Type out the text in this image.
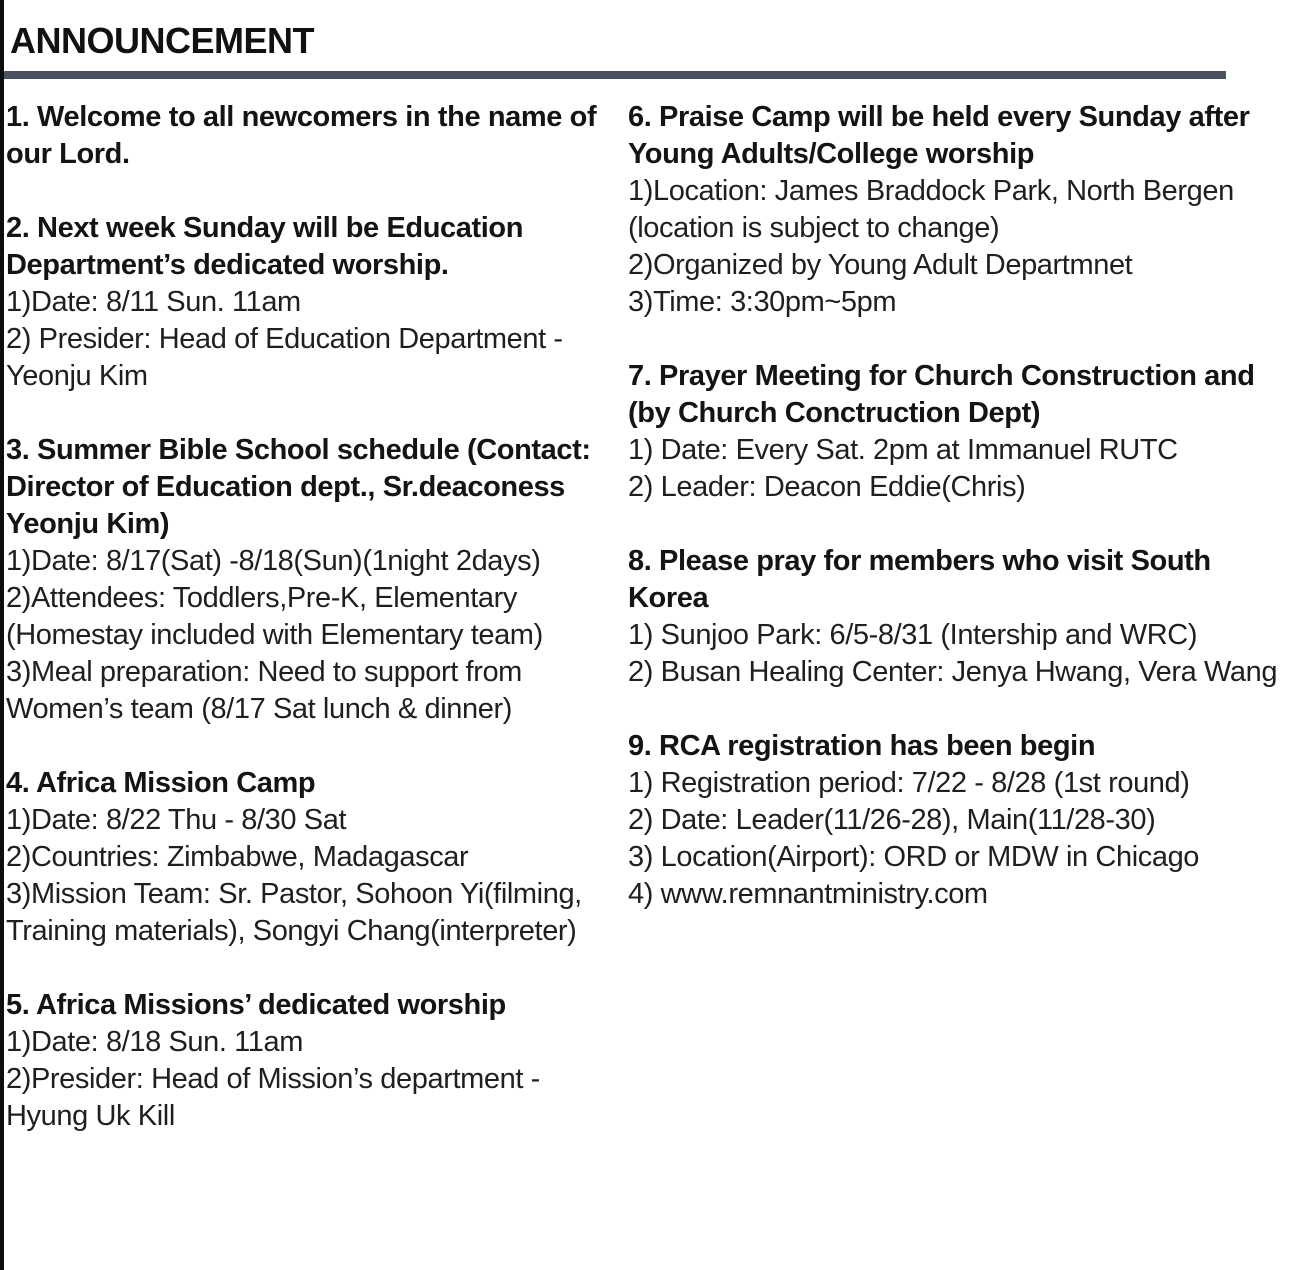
ANNOUNCEMENT

1. Welcome to all newcomers in the name of our Lord.

2. Next week Sunday will be Education Department’s dedicated worship.

1)Date: 8/11 Sun. 11am

2) Presider: Head of Education Department - Yeonju Kim

3. Summer Bible School schedule (Contact: Director of Education dept., Sr.deaconess Yeonju Kim)

1)Date: 8/17(Sat) -8/18(Sun)(1night 2days)

2)Attendees: Toddlers,Pre-K, Elementary (Homestay included with Elementary team)

3)Meal preparation: Need to support from Women’s team (8/17 Sat lunch & dinner)

4. Africa Mission Camp

1)Date: 8/22 Thu - 8/30 Sat

2)Countries: Zimbabwe, Madagascar

3)Mission Team: Sr. Pastor, Sohoon Yi(filming, Training materials), Songyi Chang(interpreter)

5. Africa Missions’ dedicated worship

1)Date: 8/18 Sun. 11am

2)Presider: Head of Mission’s department - Hyung Uk Kill

6. Praise Camp will be held every Sunday after Young Adults/College worship

1)Location: James Braddock Park, North Bergen (location is subject to change)

2)Organized by Young Adult Departmnet

3)Time: 3:30pm~5pm

7. Prayer Meeting for Church Construction and (by Church Conctruction Dept)

1) Date: Every Sat. 2pm at Immanuel RUTC

2) Leader: Deacon Eddie(Chris)

8. Please pray for members who visit South Korea

1) Sunjoo Park: 6/5-8/31 (Intership and WRC)

2) Busan Healing Center: Jenya Hwang, Vera Wang

9. RCA registration has been begin

1) Registration period: 7/22 - 8/28 (1st round)

2) Date: Leader(11/26-28), Main(11/28-30)

3) Location(Airport): ORD or MDW in Chicago

4) www.remnantministry.com
